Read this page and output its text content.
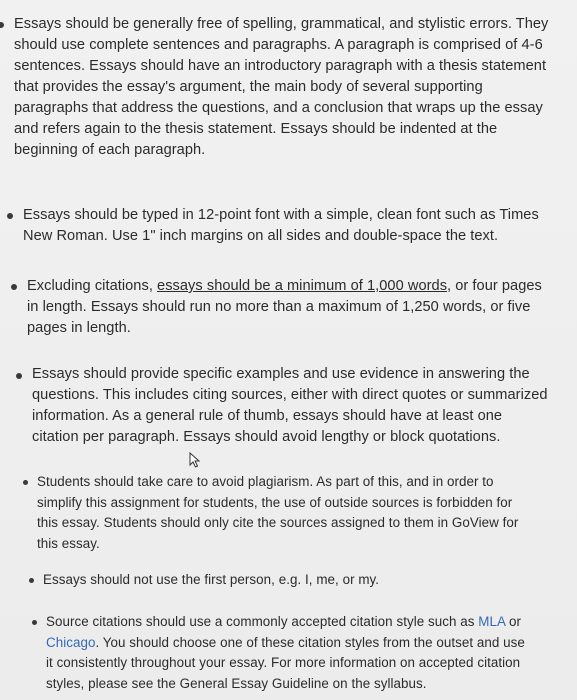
Essays should be generally free of spelling, grammatical, and stylistic errors. They should use complete sentences and paragraphs. A paragraph is comprised of 4-6 sentences. Essays should have an introductory paragraph with a thesis statement that provides the essay's argument, the main body of several supporting paragraphs that address the questions, and a conclusion that wraps up the essay and refers again to the thesis statement. Essays should be indented at the beginning of each paragraph.
Essays should be typed in 12-point font with a simple, clean font such as Times New Roman. Use 1" inch margins on all sides and double-space the text.
Excluding citations, essays should be a minimum of 1,000 words, or four pages in length. Essays should run no more than a maximum of 1,250 words, or five pages in length.
Essays should provide specific examples and use evidence in answering the questions. This includes citing sources, either with direct quotes or summarized information. As a general rule of thumb, essays should have at least one citation per paragraph. Essays should avoid lengthy or block quotations.
Students should take care to avoid plagiarism. As part of this, and in order to simplify this assignment for students, the use of outside sources is forbidden for this essay. Students should only cite the sources assigned to them in GoView for this essay.
Essays should not use the first person, e.g. I, me, or my.
Source citations should use a commonly accepted citation style such as MLA or Chicago. You should choose one of these citation styles from the outset and use it consistently throughout your essay. For more information on accepted citation styles, please see the General Essay Guideline on the syllabus.
